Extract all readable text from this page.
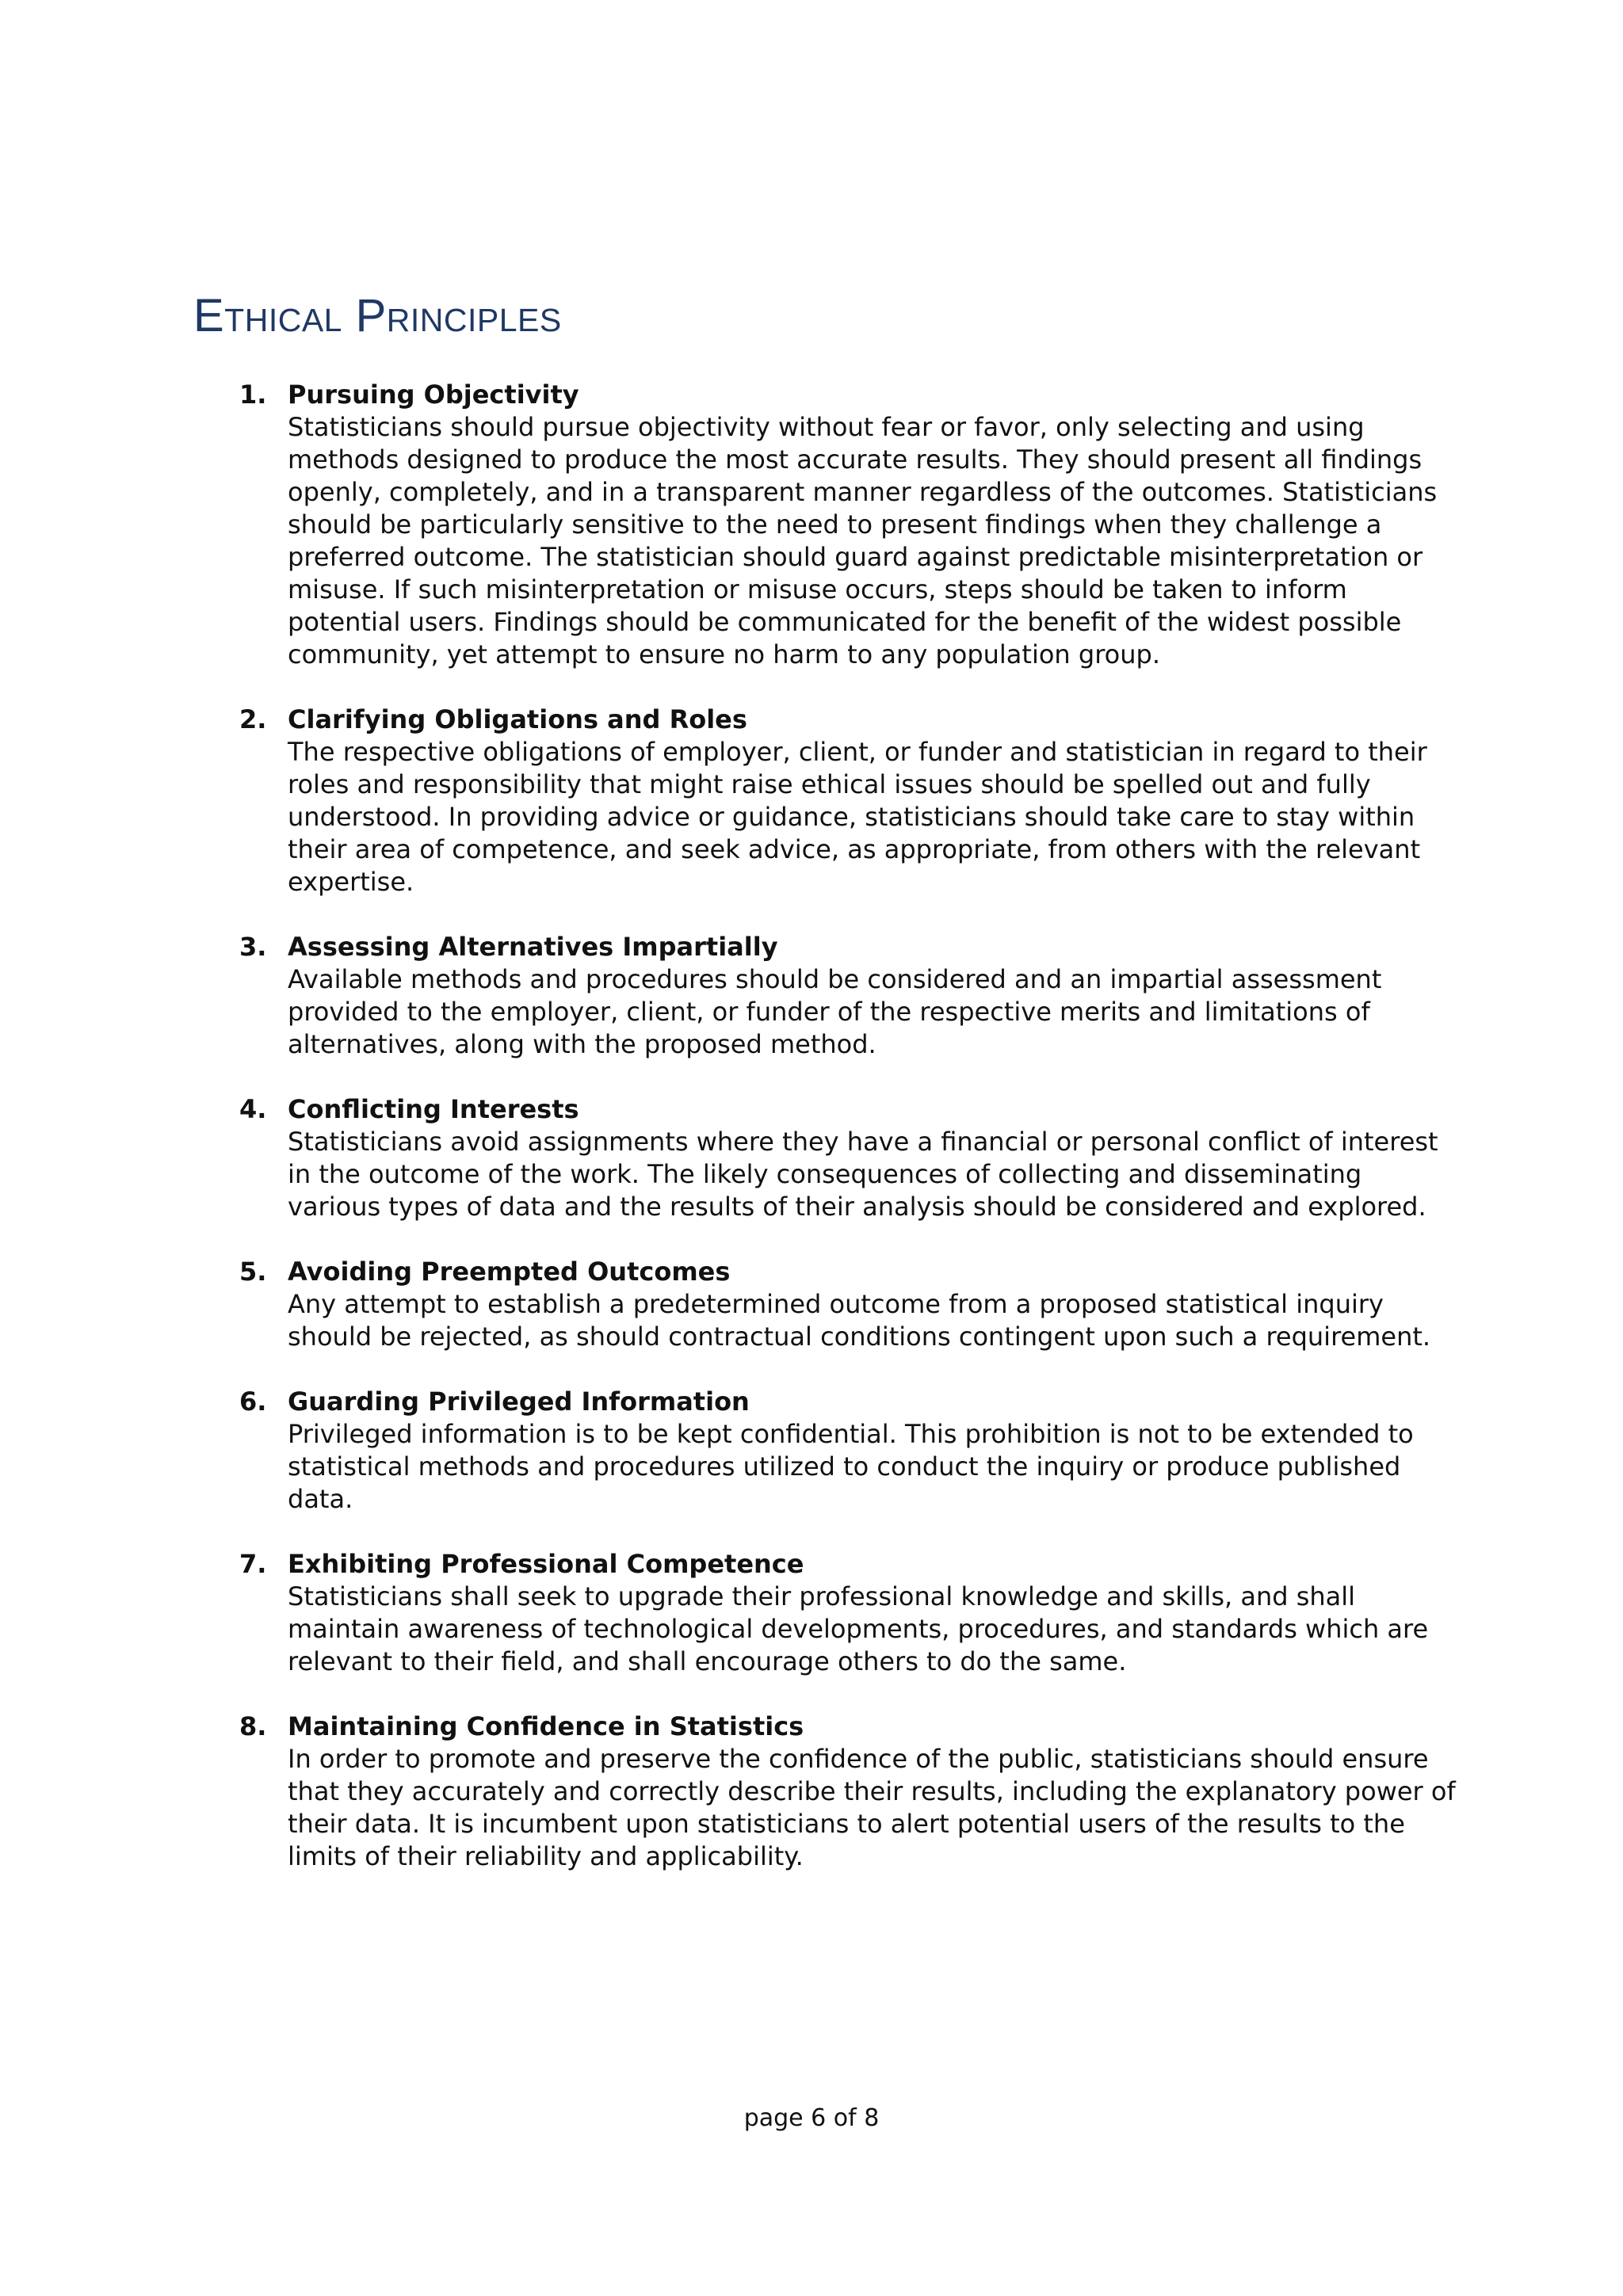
Ethical Principles
1. Pursuing Objectivity

Statisticians should pursue objectivity without fear or favor, only selecting and using methods designed to produce the most accurate results. They should present all findings openly, completely, and in a transparent manner regardless of the outcomes. Statisticians should be particularly sensitive to the need to present findings when they challenge a preferred outcome. The statistician should guard against predictable misinterpretation or misuse. If such misinterpretation or misuse occurs, steps should be taken to inform potential users. Findings should be communicated for the benefit of the widest possible community, yet attempt to ensure no harm to any population group.

2. Clarifying Obligations and Roles

The respective obligations of employer, client, or funder and statistician in regard to their roles and responsibility that might raise ethical issues should be spelled out and fully understood. In providing advice or guidance, statisticians should take care to stay within their area of competence, and seek advice, as appropriate, from others with the relevant expertise.

3. Assessing Alternatives Impartially

Available methods and procedures should be considered and an impartial assessment provided to the employer, client, or funder of the respective merits and limitations of alternatives, along with the proposed method.

4. Conflicting Interests

Statisticians avoid assignments where they have a financial or personal conflict of interest in the outcome of the work. The likely consequences of collecting and disseminating various types of data and the results of their analysis should be considered and explored.

5. Avoiding Preempted Outcomes

Any attempt to establish a predetermined outcome from a proposed statistical inquiry should be rejected, as should contractual conditions contingent upon such a requirement.

6. Guarding Privileged Information

Privileged information is to be kept confidential. This prohibition is not to be extended to statistical methods and procedures utilized to conduct the inquiry or produce published data.

7. Exhibiting Professional Competence

Statisticians shall seek to upgrade their professional knowledge and skills, and shall maintain awareness of technological developments, procedures, and standards which are relevant to their field, and shall encourage others to do the same.

8. Maintaining Confidence in Statistics

In order to promote and preserve the confidence of the public, statisticians should ensure that they accurately and correctly describe their results, including the explanatory power of their data. It is incumbent upon statisticians to alert potential users of the results to the limits of their reliability and applicability.

page 6 of 8
